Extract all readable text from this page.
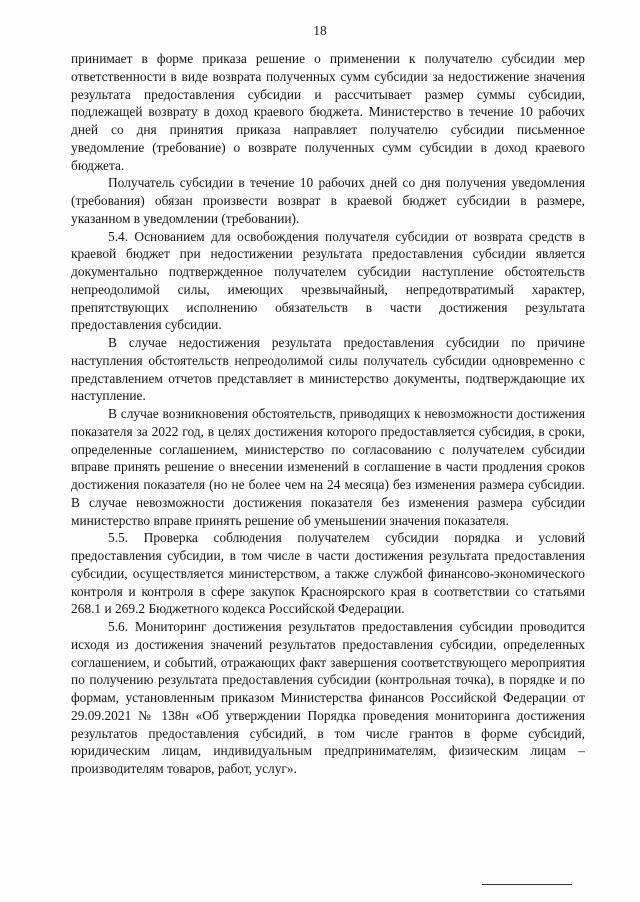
18

принимает в форме приказа решение о применении к получателю субсидии мер ответственности в виде возврата полученных сумм субсидии за недостижение значения результата предоставления субсидии и рассчитывает размер суммы субсидии, подлежащей возврату в доход краевого бюджета. Министерство в течение 10 рабочих дней со дня принятия приказа направляет получателю субсидии письменное уведомление (требование) о возврате полученных сумм субсидии в доход краевого бюджета.

Получатель субсидии в течение 10 рабочих дней со дня получения уведомления (требования) обязан произвести возврат в краевой бюджет субсидии в размере, указанном в уведомлении (требовании).

5.4. Основанием для освобождения получателя субсидии от возврата средств в краевой бюджет при недостижении результата предоставления субсидии является документально подтвержденное получателем субсидии наступление обстоятельств непреодолимой силы, имеющих чрезвычайный, непредотвратимый характер, препятствующих исполнению обязательств в части достижения результата предоставления субсидии.

В случае недостижения результата предоставления субсидии по причине наступления обстоятельств непреодолимой силы получатель субсидии одновременно с представлением отчетов представляет в министерство документы, подтверждающие их наступление.

В случае возникновения обстоятельств, приводящих к невозможности достижения показателя за 2022 год, в целях достижения которого предоставляется субсидия, в сроки, определенные соглашением, министерство по согласованию с получателем субсидии вправе принять решение о внесении изменений в соглашение в части продления сроков достижения показателя (но не более чем на 24 месяца) без изменения размера субсидии. В случае невозможности достижения показателя без изменения размера субсидии министерство вправе принять решение об уменьшении значения показателя.

5.5. Проверка соблюдения получателем субсидии порядка и условий предоставления субсидии, в том числе в части достижения результата предоставления субсидии, осуществляется министерством, а также службой финансово-экономического контроля и контроля в сфере закупок Красноярского края в соответствии со статьями 268.1 и 269.2 Бюджетного кодекса Российской Федерации.

5.6. Мониторинг достижения результатов предоставления субсидии проводится исходя из достижения значений результатов предоставления субсидии, определенных соглашением, и событий, отражающих факт завершения соответствующего мероприятия по получению результата предоставления субсидии (контрольная точка), в порядке и по формам, установленным приказом Министерства финансов Российской Федерации от 29.09.2021 № 138н «Об утверждении Порядка проведения мониторинга достижения результатов предоставления субсидий, в том числе грантов в форме субсидий, юридическим лицам, индивидуальным предпринимателям, физическим лицам – производителям товаров, работ, услуг».
